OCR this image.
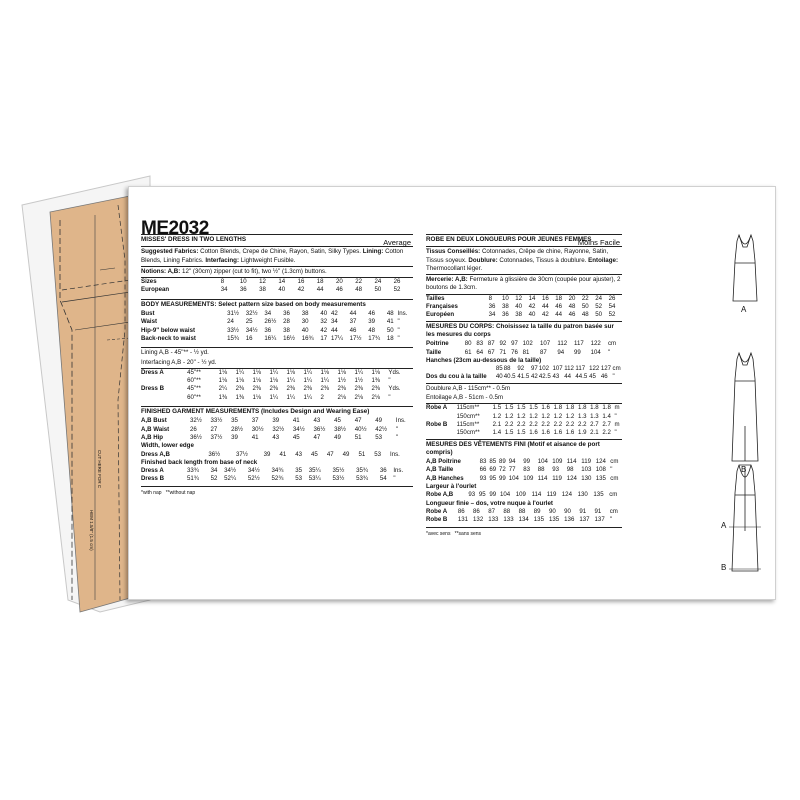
CUT HERE FOR C
HEM 1.5/8" (1.5 cm)
ME2032
Average
MISSES' DRESS IN TWO LENGTHS
Suggested Fabrics: Cotton Blends, Crepe de Chine, Rayon, Satin, Silky Types. Lining: Cotton Blends, Lining Fabrics. Interfacing: Lightweight Fusible.
Notions: A,B: 12" (30cm) zipper (cut to fit), two ½" (1.3cm) buttons.
Sizes	8	10	12	14	16	18	20	22	24	26	
European	34	36	38	40	42	44	46	48	50	52	
BODY MEASUREMENTS: Select pattern size based on body measurements
Bust	31½	32½	34	36	38	40	42	44	46	48	Ins.
Waist	24	25	26½	28	30	32	34	37	39	41	"
Hip-9" below waist	33½	34½	36	38	40	42	44	46	48	50	"
Back-neck to waist	15¾	16	16¼	16½	16¾	17	17¼	17½	17¾	18	"
Lining A,B - 45"** - ½ yd.
Interfacing A,B - 20" - ½ yd.
Dress A	45"**	1⅛	1¼	1⅛	1¼	1⅛	1¼	1⅛	1⅛	1¼	1⅛	Yds.
	60"**	1⅛	1⅛	1⅛	1⅛	1¼	1¼	1¼	1½	1½	1⅜	"
Dress B	45"**	2¼	2⅜	2⅜	2⅜	2⅜	2⅜	2⅜	2⅜	2⅜	2⅜	Yds.
	60"**	1⅜	1⅜	1⅛	1¼	1¼	1¼	2	2⅛	2⅛	2⅛	"
FINISHED GARMENT MEASUREMENTS (Includes Design and Wearing Ease)
A,B Bust	32½	33½	35	37	39	41	43	45	47	49	Ins.
A,B Waist	26	27	28½	30½	32½	34½	36½	38½	40½	42½	"
A,B Hip	36½	37½	39	41	43	45	47	49	51	53	"
Width, lower edge
Dress A,B	36½	37½	39	41	43	45	47	49	51	53	Ins.
Finished back length from base of neck
Dress A	33¾	34	34½	34½	34¾	35	35¼	35½	35¾	36	Ins.
Dress B	51¾	52	52¼	52½	52¾	53	53¼	53½	53¾	54	"
*with nap **without nap
Moins Facile
ROBE EN DEUX LONGUEURS POUR JEUNES FEMMES
Tissus Conseillés: Cotonnades, Crêpe de chine, Rayonne, Satin, Tissus soyeux. Doublure: Cotonnades, Tissus à doublure. Entoilage: Thermocollant léger.
Mercerie: A,B: Fermeture à glissière de 30cm (coupée pour ajuster), 2 boutons de 1.3cm.
Tailles	8	10	12	14	16	18	20	22	24	26	
Françaises	36	38	40	42	44	46	48	50	52	54	
Européen	34	36	38	40	42	44	46	48	50	52	
MESURES DU CORPS: Choisissez la taille du patron basée sur les mesures du corps
Poitrine	80	83	87	92	97	102	107	112	117	122	cm
Taille	61	64	67	71	76	81	87	94	99	104	"
Hanches (23cm au-dessous de la taille)
	85	88	92	97	102	107	112	117	122	127	cm
Dos du cou à la taille	40	40.5	41.5	42	42.5	43	44	44.5	45	46	"
Doublure A,B - 115cm** - 0.5m
Entoilage A,B - 51cm - 0.5m
Robe A	115cm**	1.5	1.5	1.5	1.5	1.6	1.8	1.8	1.8	1.8	1.8	m
	150cm**	1.2	1.2	1.2	1.2	1.2	1.2	1.2	1.3	1.3	1.4	"
Robe B	115cm**	2.1	2.2	2.2	2.2	2.2	2.2	2.2	2.2	2.7	2.7	m
	150cm**	1.4	1.5	1.5	1.6	1.6	1.6	1.6	1.9	2.1	2.2	"
MESURES DES VÊTEMENTS FINI (Motif et aisance de port compris)
A,B Poitrine	83	85	89	94	99	104	109	114	119	124	cm
A,B Taille	66	69	72	77	83	88	93	98	103	108	"
A,B Hanches	93	95	99	104	109	114	119	124	130	135	cm
Largeur à l'ourlet
Robe A,B	93	95	99	104	109	114	119	124	130	135	cm
Longueur finie – dos, votre nuque à l'ourlet
Robe A	86	86	87	88	88	89	90	90	91	91	cm
Robe B	131	132	133	133	134	135	135	136	137	137	"
*avec sens **sans sens
A
B
A
B
